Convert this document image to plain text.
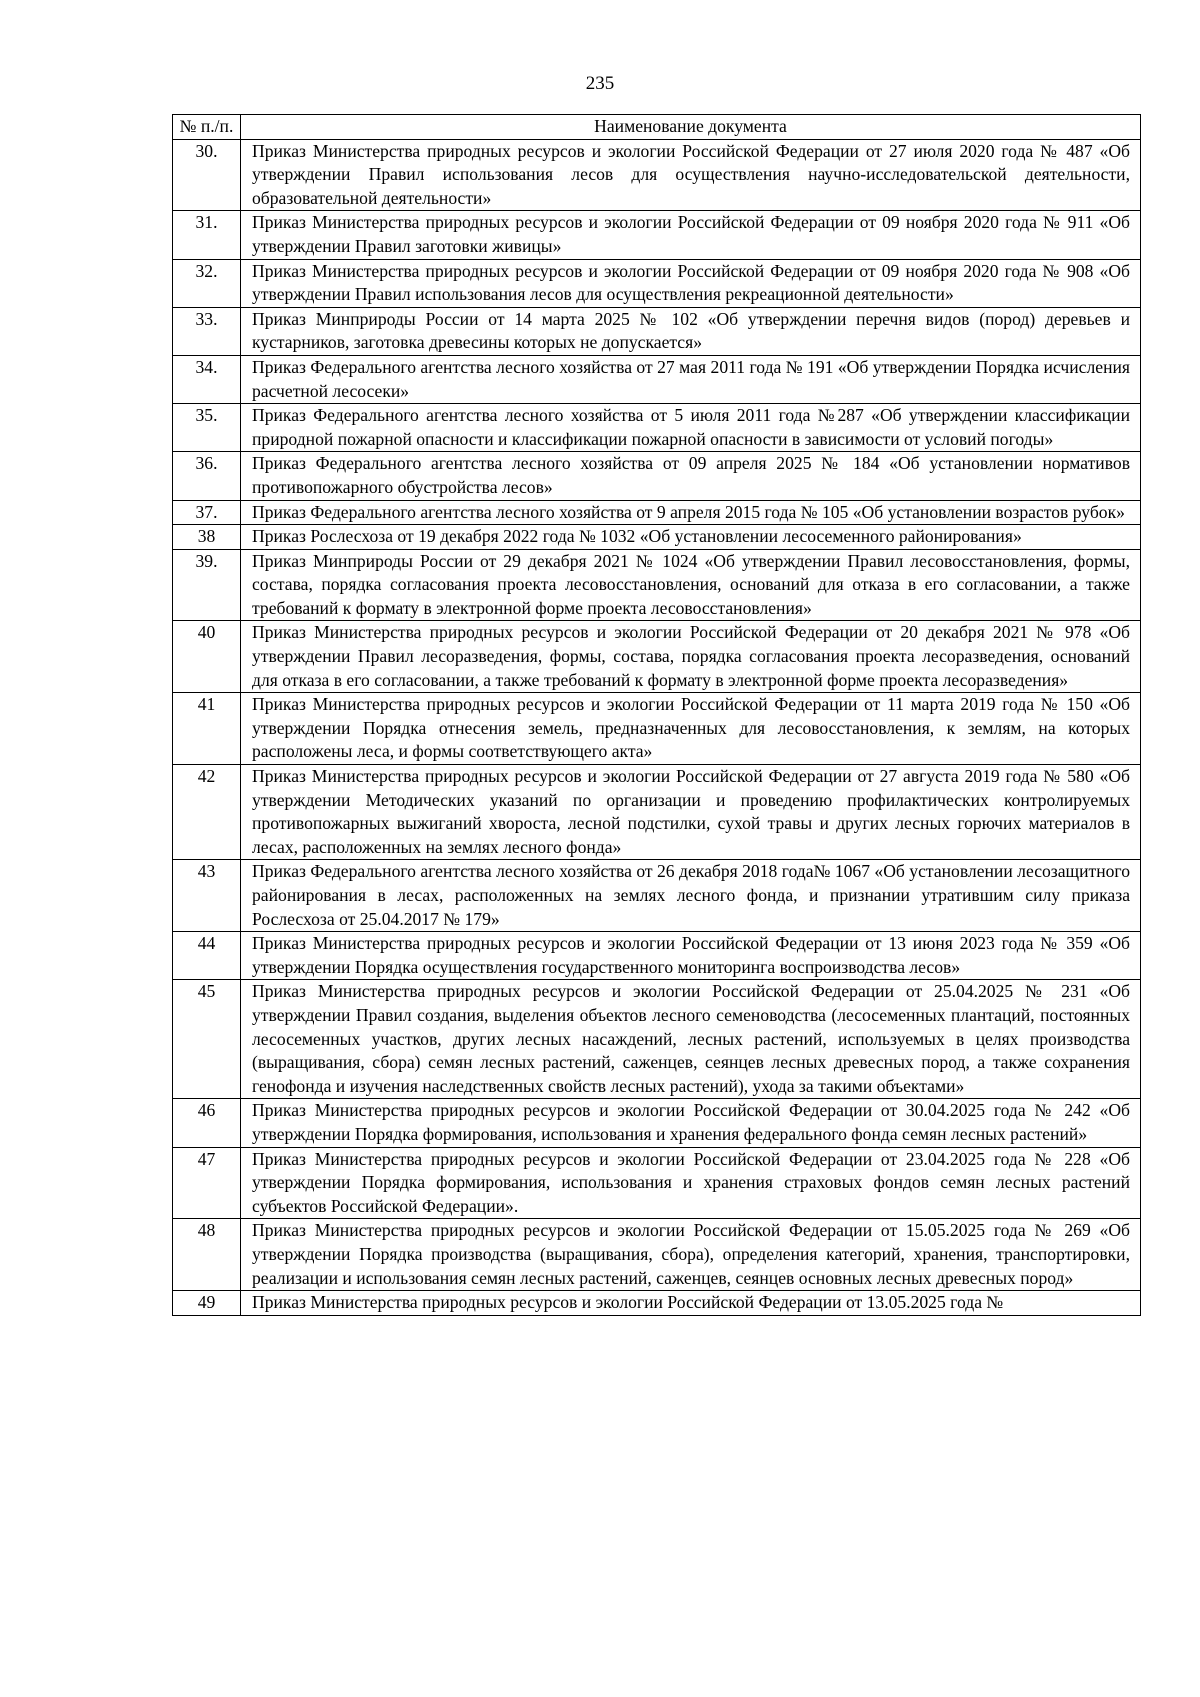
235
№ п./п.	Наименование документа
30.	Приказ Министерства природных ресурсов и экологии Российской Федерации от 27 июля 2020 года № 487 «Об утверждении Правил использования лесов для осуществления научно-исследовательской деятельности, образовательной деятельности»
31.	Приказ Министерства природных ресурсов и экологии Российской Федерации от 09 ноября 2020 года № 911 «Об утверждении Правил заготовки живицы»
32.	Приказ Министерства природных ресурсов и экологии Российской Федерации от 09 ноября 2020 года № 908 «Об утверждении Правил использования лесов для осуществления рекреационной деятельности»
33.	Приказ Минприроды России от 14 марта 2025 № 102 «Об утверждении перечня видов (пород) деревьев и кустарников, заготовка древесины которых не допускается»
34.	Приказ Федерального агентства лесного хозяйства от 27 мая 2011 года № 191 «Об утверждении Порядка исчисления расчетной лесосеки»
35.	Приказ Федерального агентства лесного хозяйства от 5 июля 2011 года №287 «Об утверждении классификации природной пожарной опасности и классификации пожарной опасности в зависимости от условий погоды»
36.	Приказ Федерального агентства лесного хозяйства от 09 апреля 2025 № 184 «Об установлении нормативов противопожарного обустройства лесов»
37.	Приказ Федерального агентства лесного хозяйства от 9 апреля 2015 года № 105 «Об установлении возрастов рубок»
38	Приказ Рослесхоза от 19 декабря 2022 года № 1032 «Об установлении лесосеменного районирования»
39.	Приказ Минприроды России от 29 декабря 2021 № 1024 «Об утверждении Правил лесовосстановления, формы, состава, порядка согласования проекта лесовосстановления, оснований для отказа в его согласовании, а также требований к формату в электронной форме проекта лесовосстановления»
40	Приказ Министерства природных ресурсов и экологии Российской Федерации от 20 декабря 2021 № 978 «Об утверждении Правил лесоразведения, формы, состава, порядка согласования проекта лесоразведения, оснований для отказа в его согласовании, а также требований к формату в электронной форме проекта лесоразведения»
41	Приказ Министерства природных ресурсов и экологии Российской Федерации от 11 марта 2019 года № 150 «Об утверждении Порядка отнесения земель, предназначенных для лесовосстановления, к землям, на которых расположены леса, и формы соответствующего акта»
42	Приказ Министерства природных ресурсов и экологии Российской Федерации от 27 августа 2019 года № 580 «Об утверждении Методических указаний по организации и проведению профилактических контролируемых противопожарных выжиганий хвороста, лесной подстилки, сухой травы и других лесных горючих материалов в лесах, расположенных на землях лесного фонда»
43	Приказ Федерального агентства лесного хозяйства от 26 декабря 2018 года№ 1067 «Об установлении лесозащитного районирования в лесах, расположенных на землях лесного фонда, и признании утратившим силу приказа Рослесхоза от 25.04.2017 № 179»
44	Приказ Министерства природных ресурсов и экологии Российской Федерации от 13 июня 2023 года № 359 «Об утверждении Порядка осуществления государственного мониторинга воспроизводства лесов»
45	Приказ Министерства природных ресурсов и экологии Российской Федерации от 25.04.2025 № 231 «Об утверждении Правил создания, выделения объектов лесного семеноводства (лесосеменных плантаций, постоянных лесосеменных участков, других лесных насаждений, лесных растений, используемых в целях производства (выращивания, сбора) семян лесных растений, саженцев, сеянцев лесных древесных пород, а также сохранения генофонда и изучения наследственных свойств лесных растений), ухода за такими объектами»
46	Приказ Министерства природных ресурсов и экологии Российской Федерации от 30.04.2025 года № 242 «Об утверждении Порядка формирования, использования и хранения федерального фонда семян лесных растений»
47	Приказ Министерства природных ресурсов и экологии Российской Федерации от 23.04.2025 года № 228 «Об утверждении Порядка формирования, использования и хранения страховых фондов семян лесных растений субъектов Российской Федерации».
48	Приказ Министерства природных ресурсов и экологии Российской Федерации от 15.05.2025 года № 269 «Об утверждении Порядка производства (выращивания, сбора), определения категорий, хранения, транспортировки, реализации и использования семян лесных растений, саженцев, сеянцев основных лесных древесных пород»
49	Приказ Министерства природных ресурсов и экологии Российской Федерации от 13.05.2025 года №
